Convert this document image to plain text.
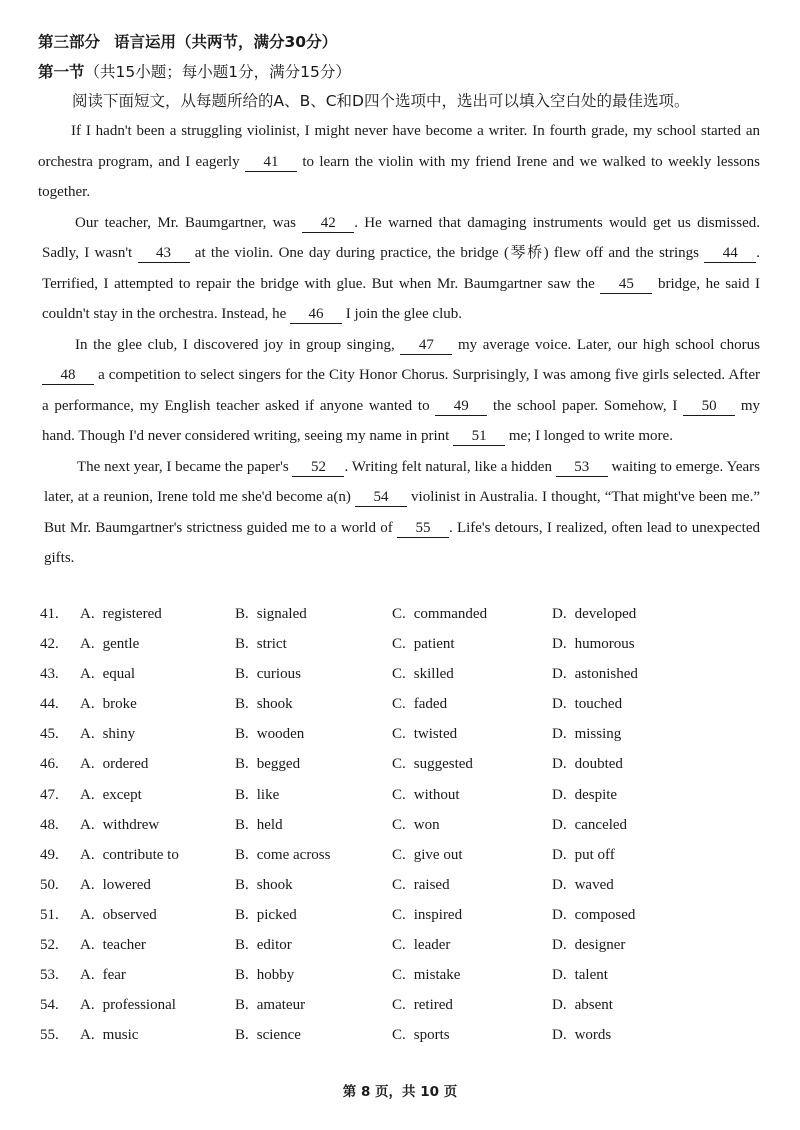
第三部分 语言运用（共两节，满分30分）
第一节（共15小题；每小题1分，满分15分）
阅读下面短文，从每题所给的A、B、C和D四个选项中，选出可以填入空白处的最佳选项。

If I hadn't been a struggling violinist, I might never have become a writer. In fourth grade, my school started an orchestra program, and I eagerly 41 to learn the violin with my friend Irene and we walked to weekly lessons together.

Our teacher, Mr. Baumgartner, was 42 . He warned that damaging instruments would get us dismissed. Sadly, I wasn't 43 at the violin. One day during practice, the bridge (琴桥) flew off and the strings 44 . Terrified, I attempted to repair the bridge with glue. But when Mr. Baumgartner saw the 45 bridge, he said I couldn't stay in the orchestra. Instead, he 46 I join the glee club.

In the glee club, I discovered joy in group singing, 47 my average voice. Later, our high school chorus 48 a competition to select singers for the City Honor Chorus. Surprisingly, I was among five girls selected. After a performance, my English teacher asked if anyone wanted to 49 the school paper. Somehow, I 50 my hand. Though I'd never considered writing, seeing my name in print 51 me; I longed to write more.

The next year, I became the paper's 52 . Writing felt natural, like a hidden 53 waiting to emerge. Years later, at a reunion, Irene told me she'd become a(n) 54 violinist in Australia. I thought, “That might've been me.” But Mr. Baumgartner's strictness guided me to a world of 55 . Life's detours, I realized, often lead to unexpected gifts.

41. A. registered	B. signaled	C. commanded	D. developed
42. A. gentle	B. strict	C. patient	D. humorous
43. A. equal	B. curious	C. skilled	D. astonished
44. A. broke	B. shook	C. faded	D. touched
45. A. shiny	B. wooden	C. twisted	D. missing
46. A. ordered	B. begged	C. suggested	D. doubted
47. A. except	B. like	C. without	D. despite
48. A. withdrew	B. held	C. won	D. canceled
49. A. contribute to	B. come across	C. give out	D. put off
50. A. lowered	B. shook	C. raised	D. waved
51. A. observed	B. picked	C. inspired	D. composed
52. A. teacher	B. editor	C. leader	D. designer
53. A. fear	B. hobby	C. mistake	D. talent
54. A. professional	B. amateur	C. retired	D. absent
55. A. music	B. science	C. sports	D. words
第 8 页，共 10 页
